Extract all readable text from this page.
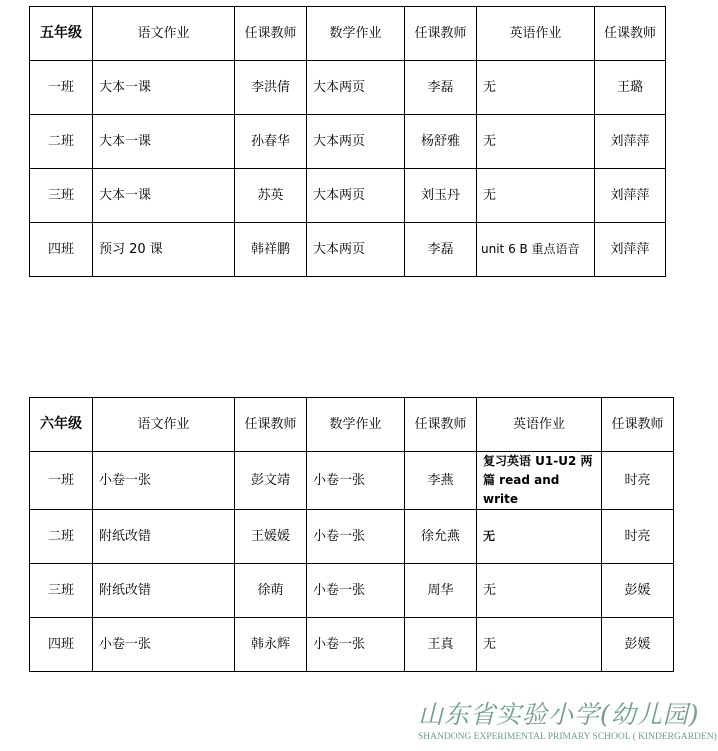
五年级	语文作业	任课教师	数学作业	任课教师	英语作业	任课教师
一班	大本一课	李洪倩	大本两页	李磊	无	王璐
二班	大本一课	孙春华	大本两页	杨舒雅	无	刘萍萍
三班	大本一课	苏英	大本两页	刘玉丹	无	刘萍萍
四班	预习 20 课	韩祥鹏	大本两页	李磊	unit 6 B 重点语音	刘萍萍
六年级	语文作业	任课教师	数学作业	任课教师	英语作业	任课教师
一班	小卷一张	彭文靖	小卷一张	李燕	复习英语 U1-U2 两篇 read and write	时亮
二班	附纸改错	王媛媛	小卷一张	徐允燕	无	时亮
三班	附纸改错	徐萌	小卷一张	周华	无	彭媛
四班	小卷一张	韩永辉	小卷一张	王真	无	彭媛
山东省实验小学(幼儿园)
SHANDONG EXPERIMENTAL PRIMARY SCHOOL ( KINDERGARDEN)
